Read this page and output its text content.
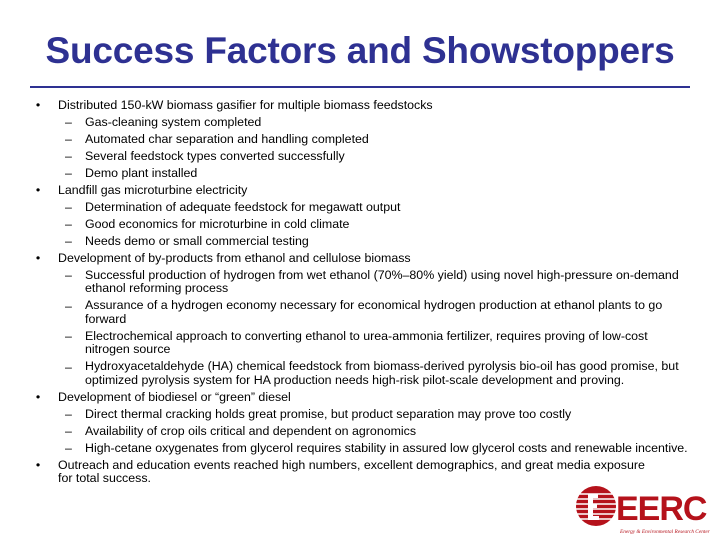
Success Factors and Showstoppers
•	Distributed 150-kW biomass gasifier for multiple biomass feedstocks
– Gas-cleaning system completed
– Automated char separation and handling completed
– Several feedstock types converted successfully
– Demo plant installed
•	Landfill gas microturbine electricity
– Determination of adequate feedstock for megawatt output
– Good economics for microturbine in cold climate
– Needs demo or small commercial testing
•	Development of by-products from ethanol and cellulose biomass
– Successful production of hydrogen from wet ethanol (70%–80% yield) using novel high-pressure on-demand ethanol reforming process
– Assurance of a hydrogen economy necessary for economical hydrogen production at ethanol plants to go forward
– Electrochemical approach to converting ethanol to urea-ammonia fertilizer, requires proving of low-cost nitrogen source
– Hydroxyacetaldehyde (HA) chemical feedstock from biomass-derived pyrolysis bio-oil has good promise, but optimized pyrolysis system for HA production needs high-risk pilot-scale development and proving.
•	Development of biodiesel or “green” diesel
– Direct thermal cracking holds great promise, but product separation may prove too costly
– Availability of crop oils critical and dependent on agronomics
– High-cetane oxygenates from glycerol requires stability in assured low glycerol costs and renewable incentive.
•	Outreach and education events reached high numbers, excellent demographics, and great media exposure for total success.
EERC
Energy & Environmental Research Center
